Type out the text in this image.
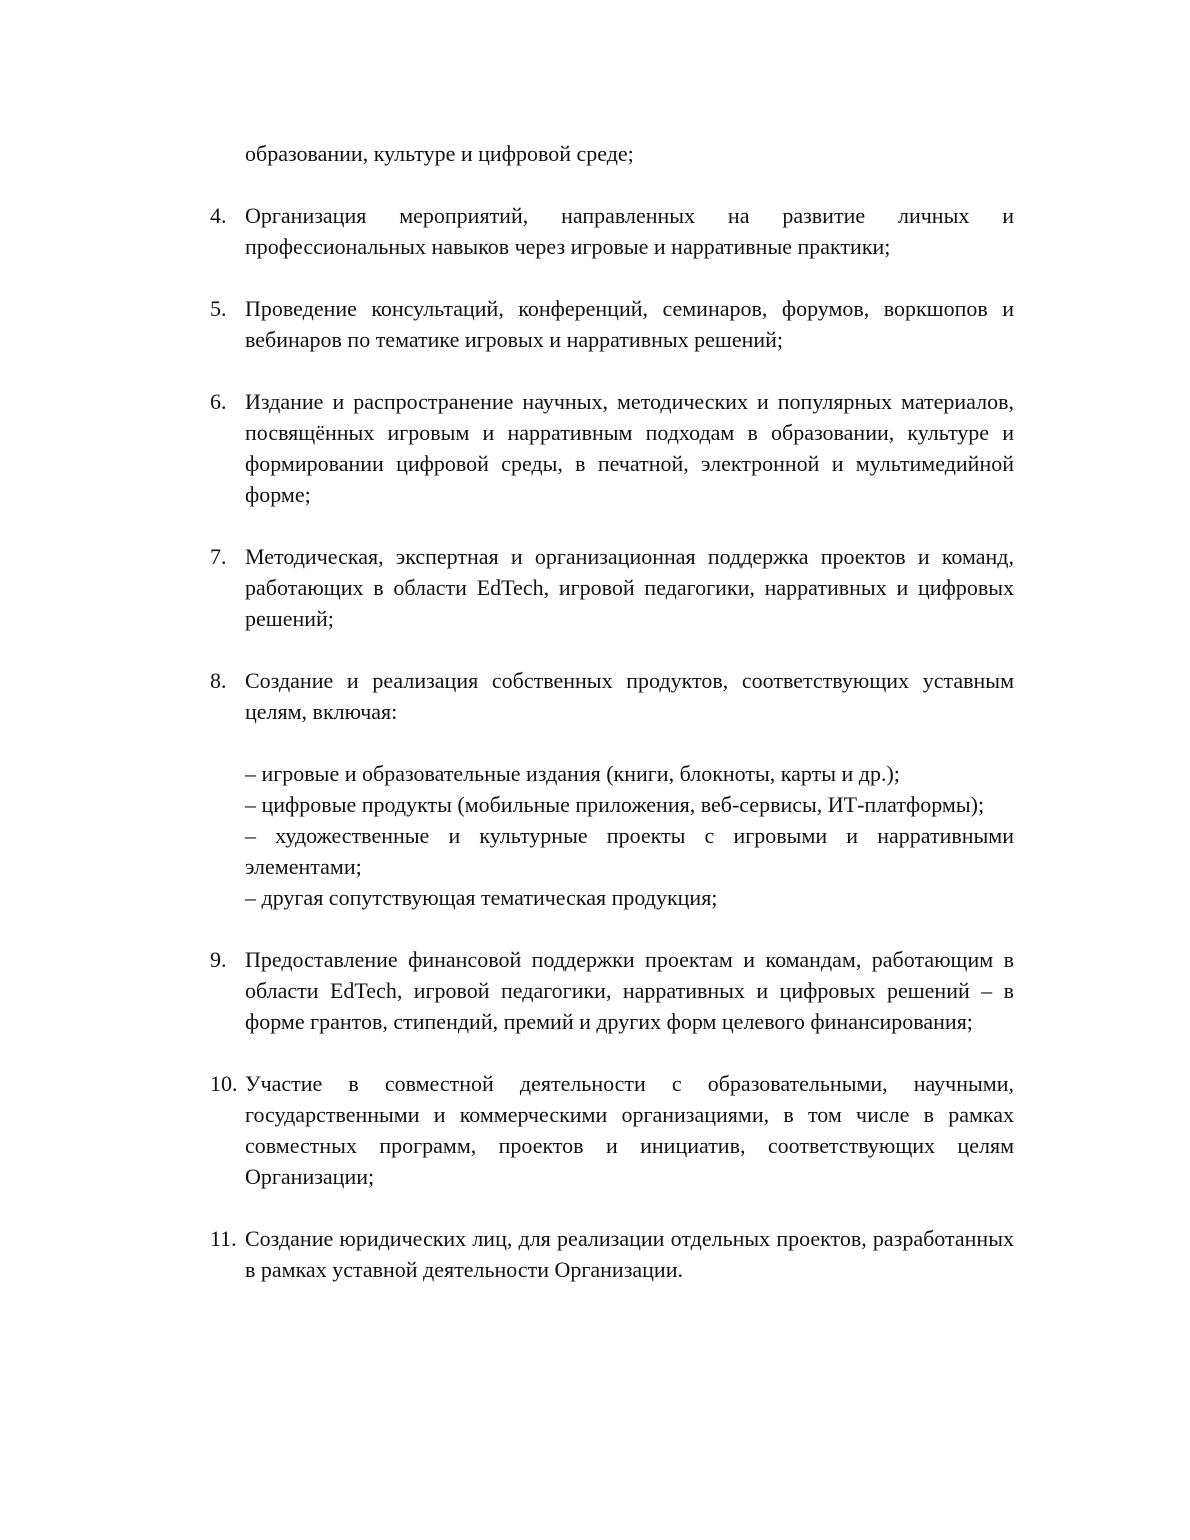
образовании, культуре и цифровой среде;
4. Организация мероприятий, направленных на развитие личных и профессиональных навыков через игровые и нарративные практики;
5. Проведение консультаций, конференций, семинаров, форумов, воркшопов и вебинаров по тематике игровых и нарративных решений;
6. Издание и распространение научных, методических и популярных материалов, посвящённых игровым и нарративным подходам в образовании, культуре и формировании цифровой среды, в печатной, электронной и мультимедийной форме;
7. Методическая, экспертная и организационная поддержка проектов и команд, работающих в области EdTech, игровой педагогики, нарративных и цифровых решений;
8. Создание и реализация собственных продуктов, соответствующих уставным целям, включая:
– игровые и образовательные издания (книги, блокноты, карты и др.);
– цифровые продукты (мобильные приложения, веб-сервисы, ИТ-платформы);
– художественные и культурные проекты с игровыми и нарративными элементами;
– другая сопутствующая тематическая продукция;
9. Предоставление финансовой поддержки проектам и командам, работающим в области EdTech, игровой педагогики, нарративных и цифровых решений – в форме грантов, стипендий, премий и других форм целевого финансирования;
10. Участие в совместной деятельности с образовательными, научными, государственными и коммерческими организациями, в том числе в рамках совместных программ, проектов и инициатив, соответствующих целям Организации;
11. Создание юридических лиц, для реализации отдельных проектов, разработанных в рамках уставной деятельности Организации.
